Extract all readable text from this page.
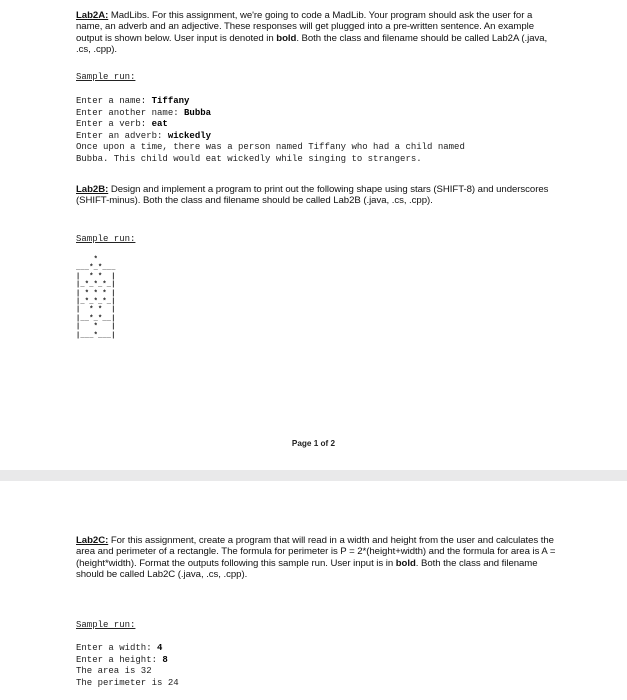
Lab2A: MadLibs. For this assignment, we're going to code a MadLib. Your program should ask the user for a name, an adverb and an adjective. These responses will get plugged into a pre-written sentence. An example output is shown below. User input is denoted in bold. Both the class and filename should be called Lab2A (.java, .cs, .cpp).

Sample run:
Enter a name: Tiffany
Enter another name: Bubba
Enter a verb: eat
Enter an adverb: wickedly
Once upon a time, there was a person named Tiffany who had a child named
Bubba. This child would eat wickedly while singing to strangers.

Lab2B: Design and implement a program to print out the following shape using stars (SHIFT-8) and underscores (SHIFT-minus). Both the class and filename should be called Lab2B (.java, .cs, .cpp).

Sample run:
*
___*_*___
|  * *  |
|_*_*_*_|
| * * * |
|_*_*_*_|
|  * *  |
|__*_*__|
|   *   |
|___*___|
Page 1 of 2

Lab2C: For this assignment, create a program that will read in a width and height from the user and calculates the area and perimeter of a rectangle. The formula for perimeter is P = 2*(height+width) and the formula for area is A = (height*width). Format the outputs following this sample run. User input is in bold. Both the class and filename should be called Lab2C (.java, .cs, .cpp).

Sample run:
Enter a width: 4
Enter a height: 8
The area is 32
The perimeter is 24
